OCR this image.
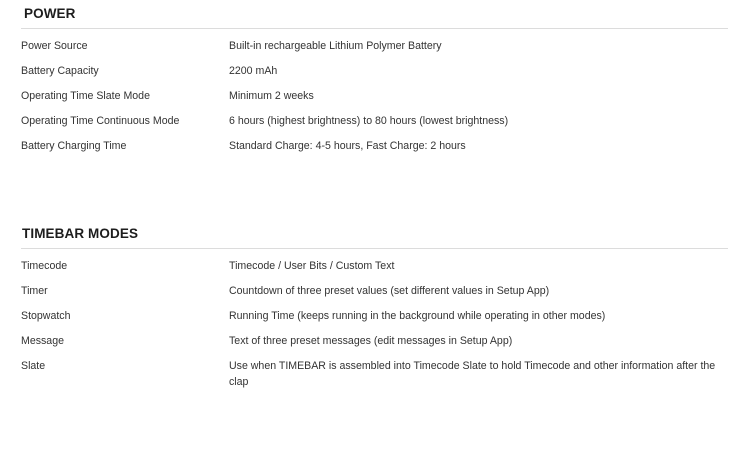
POWER
Power Source	Built-in rechargeable Lithium Polymer Battery
Battery Capacity	2200 mAh
Operating Time Slate Mode	Minimum 2 weeks
Operating Time Continuous Mode	6 hours (highest brightness) to 80 hours (lowest brightness)
Battery Charging Time	Standard Charge: 4-5 hours, Fast Charge: 2 hours
TIMEBAR MODES
Timecode	Timecode / User Bits / Custom Text
Timer	Countdown of three preset values (set different values in Setup App)
Stopwatch	Running Time (keeps running in the background while operating in other modes)
Message	Text of three preset messages (edit messages in Setup App)
Slate	Use when TIMEBAR is assembled into Timecode Slate to hold Timecode and other information after the clap
